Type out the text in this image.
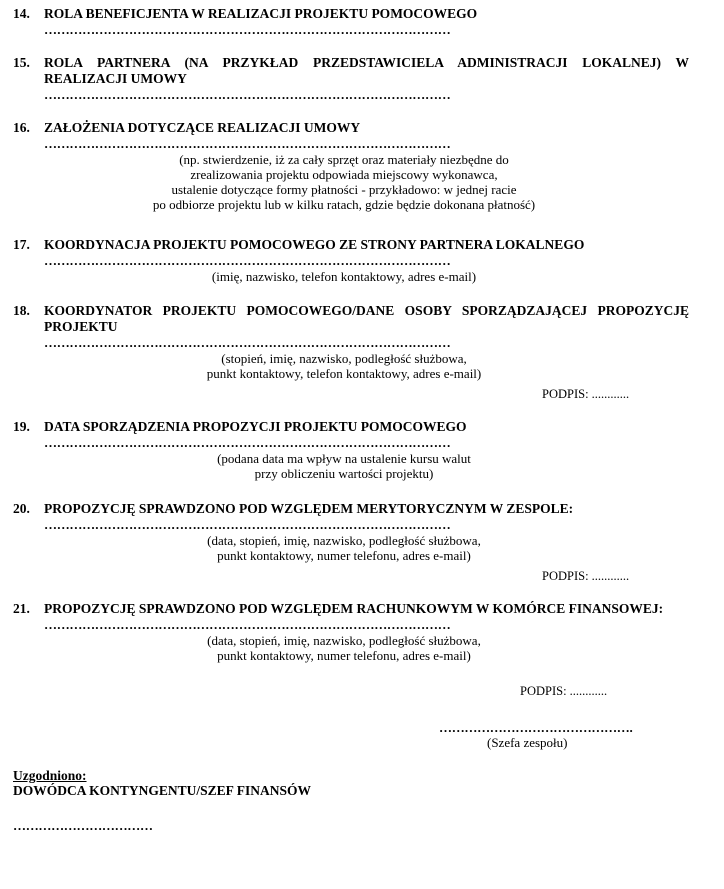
14. ROLA BENEFICJENTA W REALIZACJI PROJEKTU POMOCOWEGO
……………………………………………………………………………………
15. ROLA PARTNERA (NA PRZYKŁAD PRZEDSTAWICIELA ADMINISTRACJI LOKALNEJ) W REALIZACJI UMOWY
……………………………………………………………………………………
16. ZAŁOŻENIA DOTYCZĄCE REALIZACJI UMOWY
……………………………………………………………………………………
(np. stwierdzenie, iż za cały sprzęt oraz materiały niezbędne do
zrealizowania projektu odpowiada miejscowy wykonawca,
ustalenie dotyczące formy płatności - przykładowo: w jednej racie
po odbiorze projektu lub w kilku ratach, gdzie będzie dokonana płatność)
17. KOORDYNACJA PROJEKTU POMOCOWEGO ZE STRONY PARTNERA LOKALNEGO
……………………………………………………………………………………
(imię, nazwisko, telefon kontaktowy, adres e-mail)
18. KOORDYNATOR PROJEKTU POMOCOWEGO/DANE OSOBY SPORZĄDZAJĄCEJ PROPOZYCJĘ PROJEKTU
……………………………………………………………………………………
(stopień, imię, nazwisko, podległość służbowa,
punkt kontaktowy, telefon kontaktowy, adres e-mail)
PODPIS: ............
19. DATA SPORZĄDZENIA PROPOZYCJI PROJEKTU POMOCOWEGO
……………………………………………………………………………………
(podana data ma wpływ na ustalenie kursu walut
przy obliczeniu wartości projektu)
20. PROPOZYCJĘ SPRAWDZONO POD WZGLĘDEM MERYTORYCZNYM W ZESPOLE:
……………………………………………………………………………………
(data, stopień, imię, nazwisko, podległość służbowa,
punkt kontaktowy, numer telefonu, adres e-mail)
PODPIS: ............
21. PROPOZYCJĘ SPRAWDZONO POD WZGLĘDEM RACHUNKOWYM W KOMÓRCE FINANSOWEJ:
……………………………………………………………………………………
(data, stopień, imię, nazwisko, podległość służbowa,
punkt kontaktowy, numer telefonu, adres e-mail)
PODPIS: ............
……………………………………….
(Szefa zespołu)
Uzgodniono:
DOWÓDCA KONTYNGENTU/SZEF FINANSÓW
……………………………
